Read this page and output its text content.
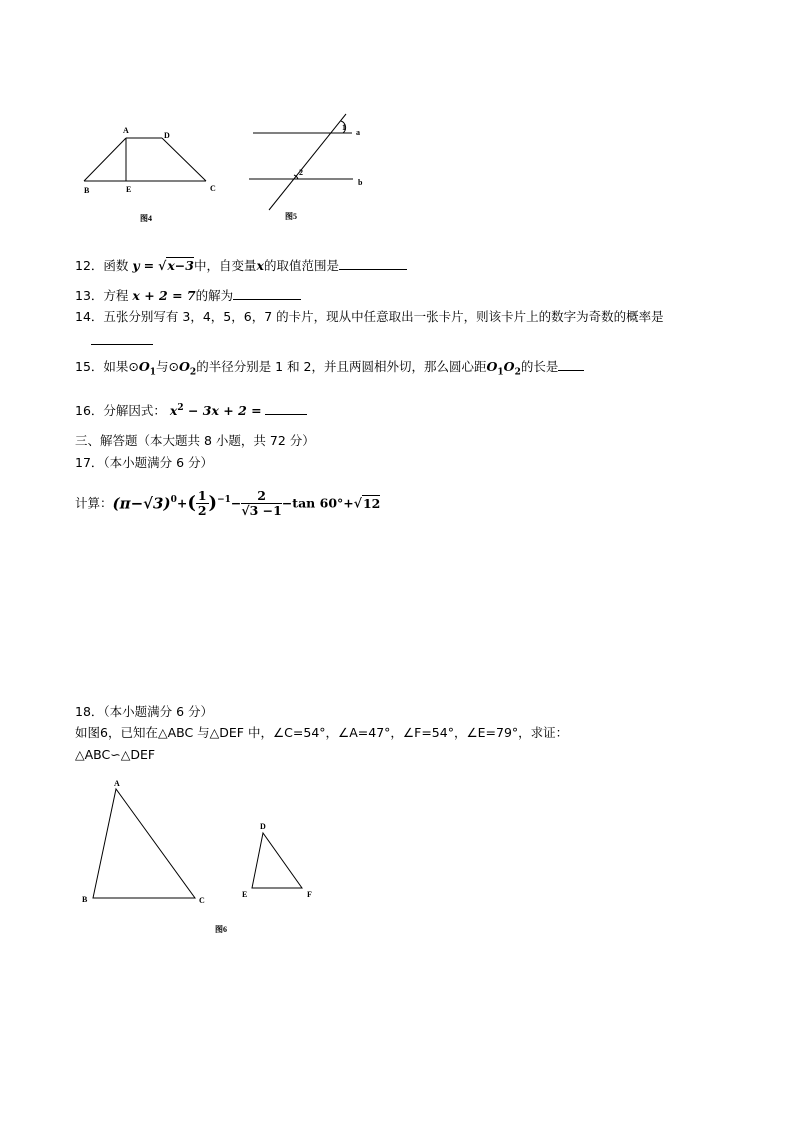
A
D
B	E	C
图4
1
a
2
b
图5
12．函数 y = √x−3中，自变量x的取值范围是
13．方程 x + 2 = 7的解为
14．五张分别写有 3，4，5，6，7 的卡片，现从中任意取出一张卡片，则该卡片上的数字为奇数的概率是
15．如果$⊙O_1$与$⊙O_2$的半径分别是 1 和 2，并且两圆相外切，那么圆心距$O_1O_2$的长是
16．分解因式： $x^2 - 3x + 2$ =
三、解答题（本大题共 8 小题，共 72 分）
17．（本小题满分 6 分）
计算：$(\pi-√3)^0+( \frac{1}{2} )^{-1}- \frac{2}{√3 -1} -\tan$ 60°+√12
18．（本小题满分 6 分）
如图6，已知在△ABC 与△DEF 中，∠C=54°，∠A=47°，∠F=54°，∠E=79°，求证：
△ABC∽△DEF
A
B	C
D
E	F
图6
